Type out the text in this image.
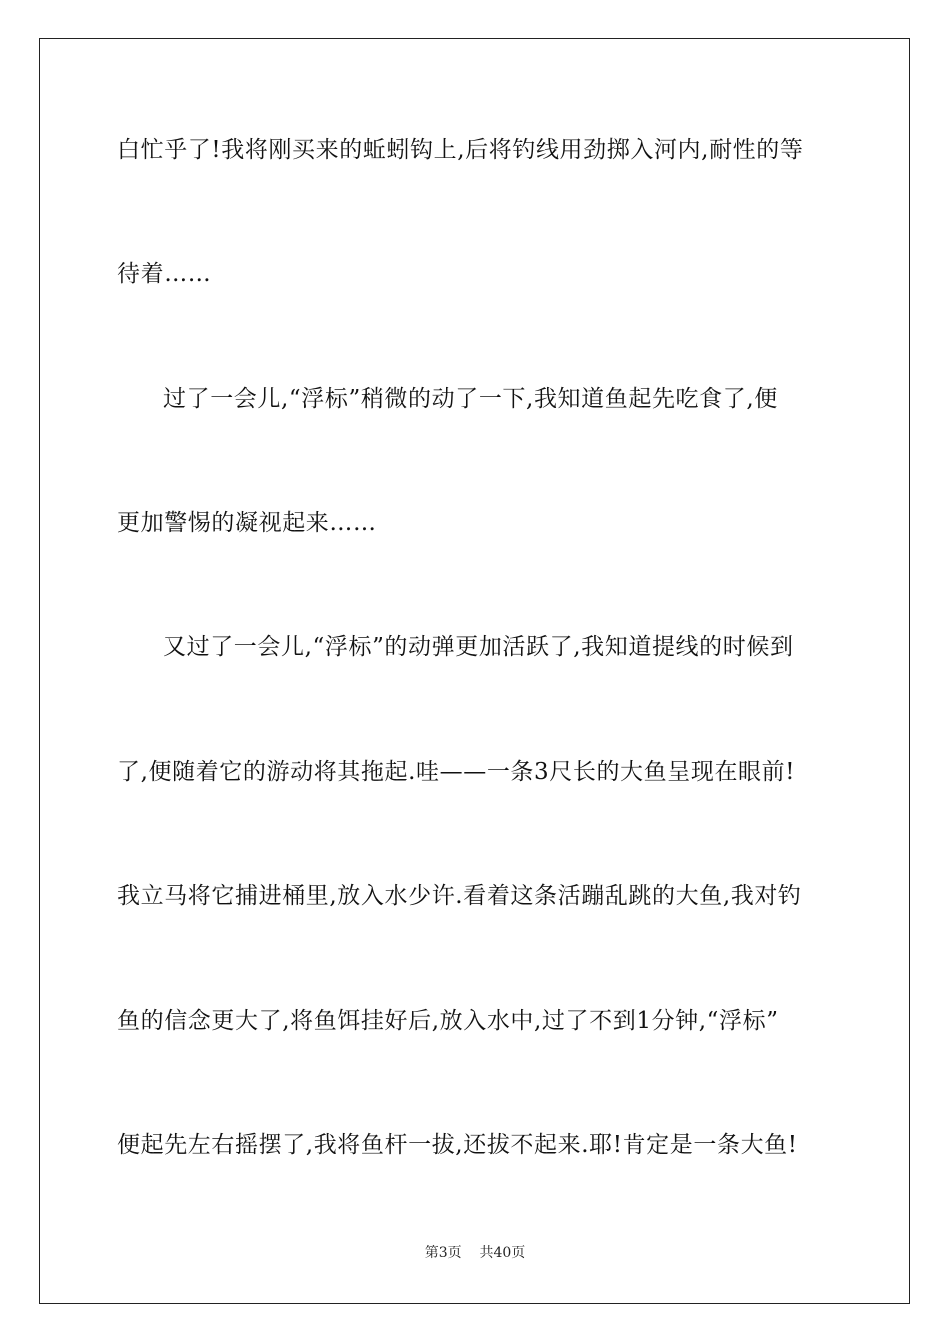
白忙乎了!我将刚买来的蚯蚓钩上,后将钓线用劲掷入河内,耐性的等
待着……
过了一会儿,“浮标”稍微的动了一下,我知道鱼起先吃食了,便
更加警惕的凝视起来……
又过了一会儿,“浮标”的动弹更加活跃了,我知道提线的时候到
了,便随着它的游动将其拖起.哇——一条3尺长的大鱼呈现在眼前!
我立马将它捕进桶里,放入水少许.看着这条活蹦乱跳的大鱼,我对钓
鱼的信念更大了,将鱼饵挂好后,放入水中,过了不到1分钟,“浮标”
便起先左右摇摆了,我将鱼杆一拔,还拔不起来.耶!肯定是一条大鱼!
第3页 共40页
